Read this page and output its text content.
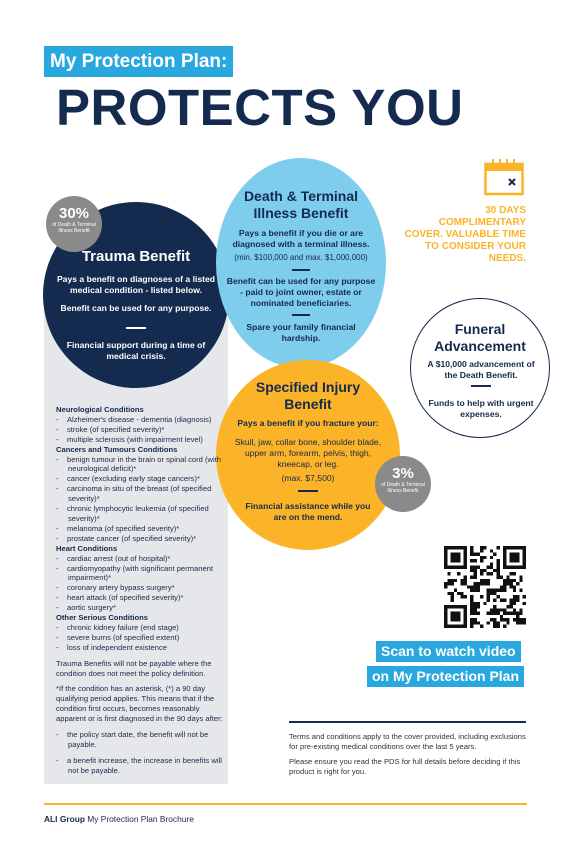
My Protection Plan:
PROTECTS YOU
30 DAYS COMPLIMENTARY COVER. VALUABLE TIME TO CONSIDER YOUR NEEDS.
Trauma Benefit
Pays a benefit on diagnoses of a listed medical condition - listed below.
Benefit can be used for any purpose.
Financial support during a time of medical crisis.
30%
of Death & Terminal Illness Benefit
Death & Terminal Illness Benefit
Pays a benefit if you die or are diagnosed with a terminal illness.
(min. $100,000 and max. $1,000,000)
Benefit can be used for any purpose - paid to joint owner, estate or nominated beneficiaries.
Spare your family financial hardship.
Funeral Advancement
A $10,000 advancement of the Death Benefit.
Funds to help with urgent expenses.
Specified Injury Benefit
Pays a benefit if you fracture your:
Skull, jaw, collar bone, shoulder blade, upper arm, forearm, pelvis, thigh, kneecap, or leg.
(max. $7,500)
Financial assistance while you are on the mend.
3%
of Death & Terminal Illness Benefit
Neurological Conditions
-    Alzheimer's disease - dementia (diagnosis)
-    stroke (of specified severity)*
-    multiple sclerosis (with impairment level)
Cancers and Tumours Conditions
-    benign tumour in the brain or spinal cord (with neurological deficit)*
-    cancer (excluding early stage cancers)*
-    carcinoma in situ of the breast (of specified severity)*
-    chronic lymphocytic leukemia (of specified severity)*
-    melanoma (of specified severity)*
-    prostate cancer (of specified severity)*
Heart Conditions
-    cardiac arrest (out of hospital)*
-    cardiomyopathy (with significant permanent impairment)*
-    coronary artery bypass surgery*
-    heart attack (of specified severity)*
-    aortic surgery*
Other Serious Conditions
-    chronic kidney failure (end stage)
-    severe burns (of specified extent)
-    loss of independent existence
Trauma Benefits will not be payable where the condition does not meet the policy definition.
*If the condition has an asterisk, (*) a 90 day qualifying period applies. This means that if the condition first occurs, becomes reasonably apparent or is first diagnosed in the 90 days after:
-    the policy start date, the benefit will not be payable.
-    a benefit increase, the increase in benefits will not be payable.
Scan to watch video
on My Protection Plan

Terms and conditions apply to the cover provided, including exclusions for pre-existing medical conditions over the last 5 years.

Please ensure you read the PDS for full details before deciding if this product is right for you.

ALI Group My Protection Plan Brochure
